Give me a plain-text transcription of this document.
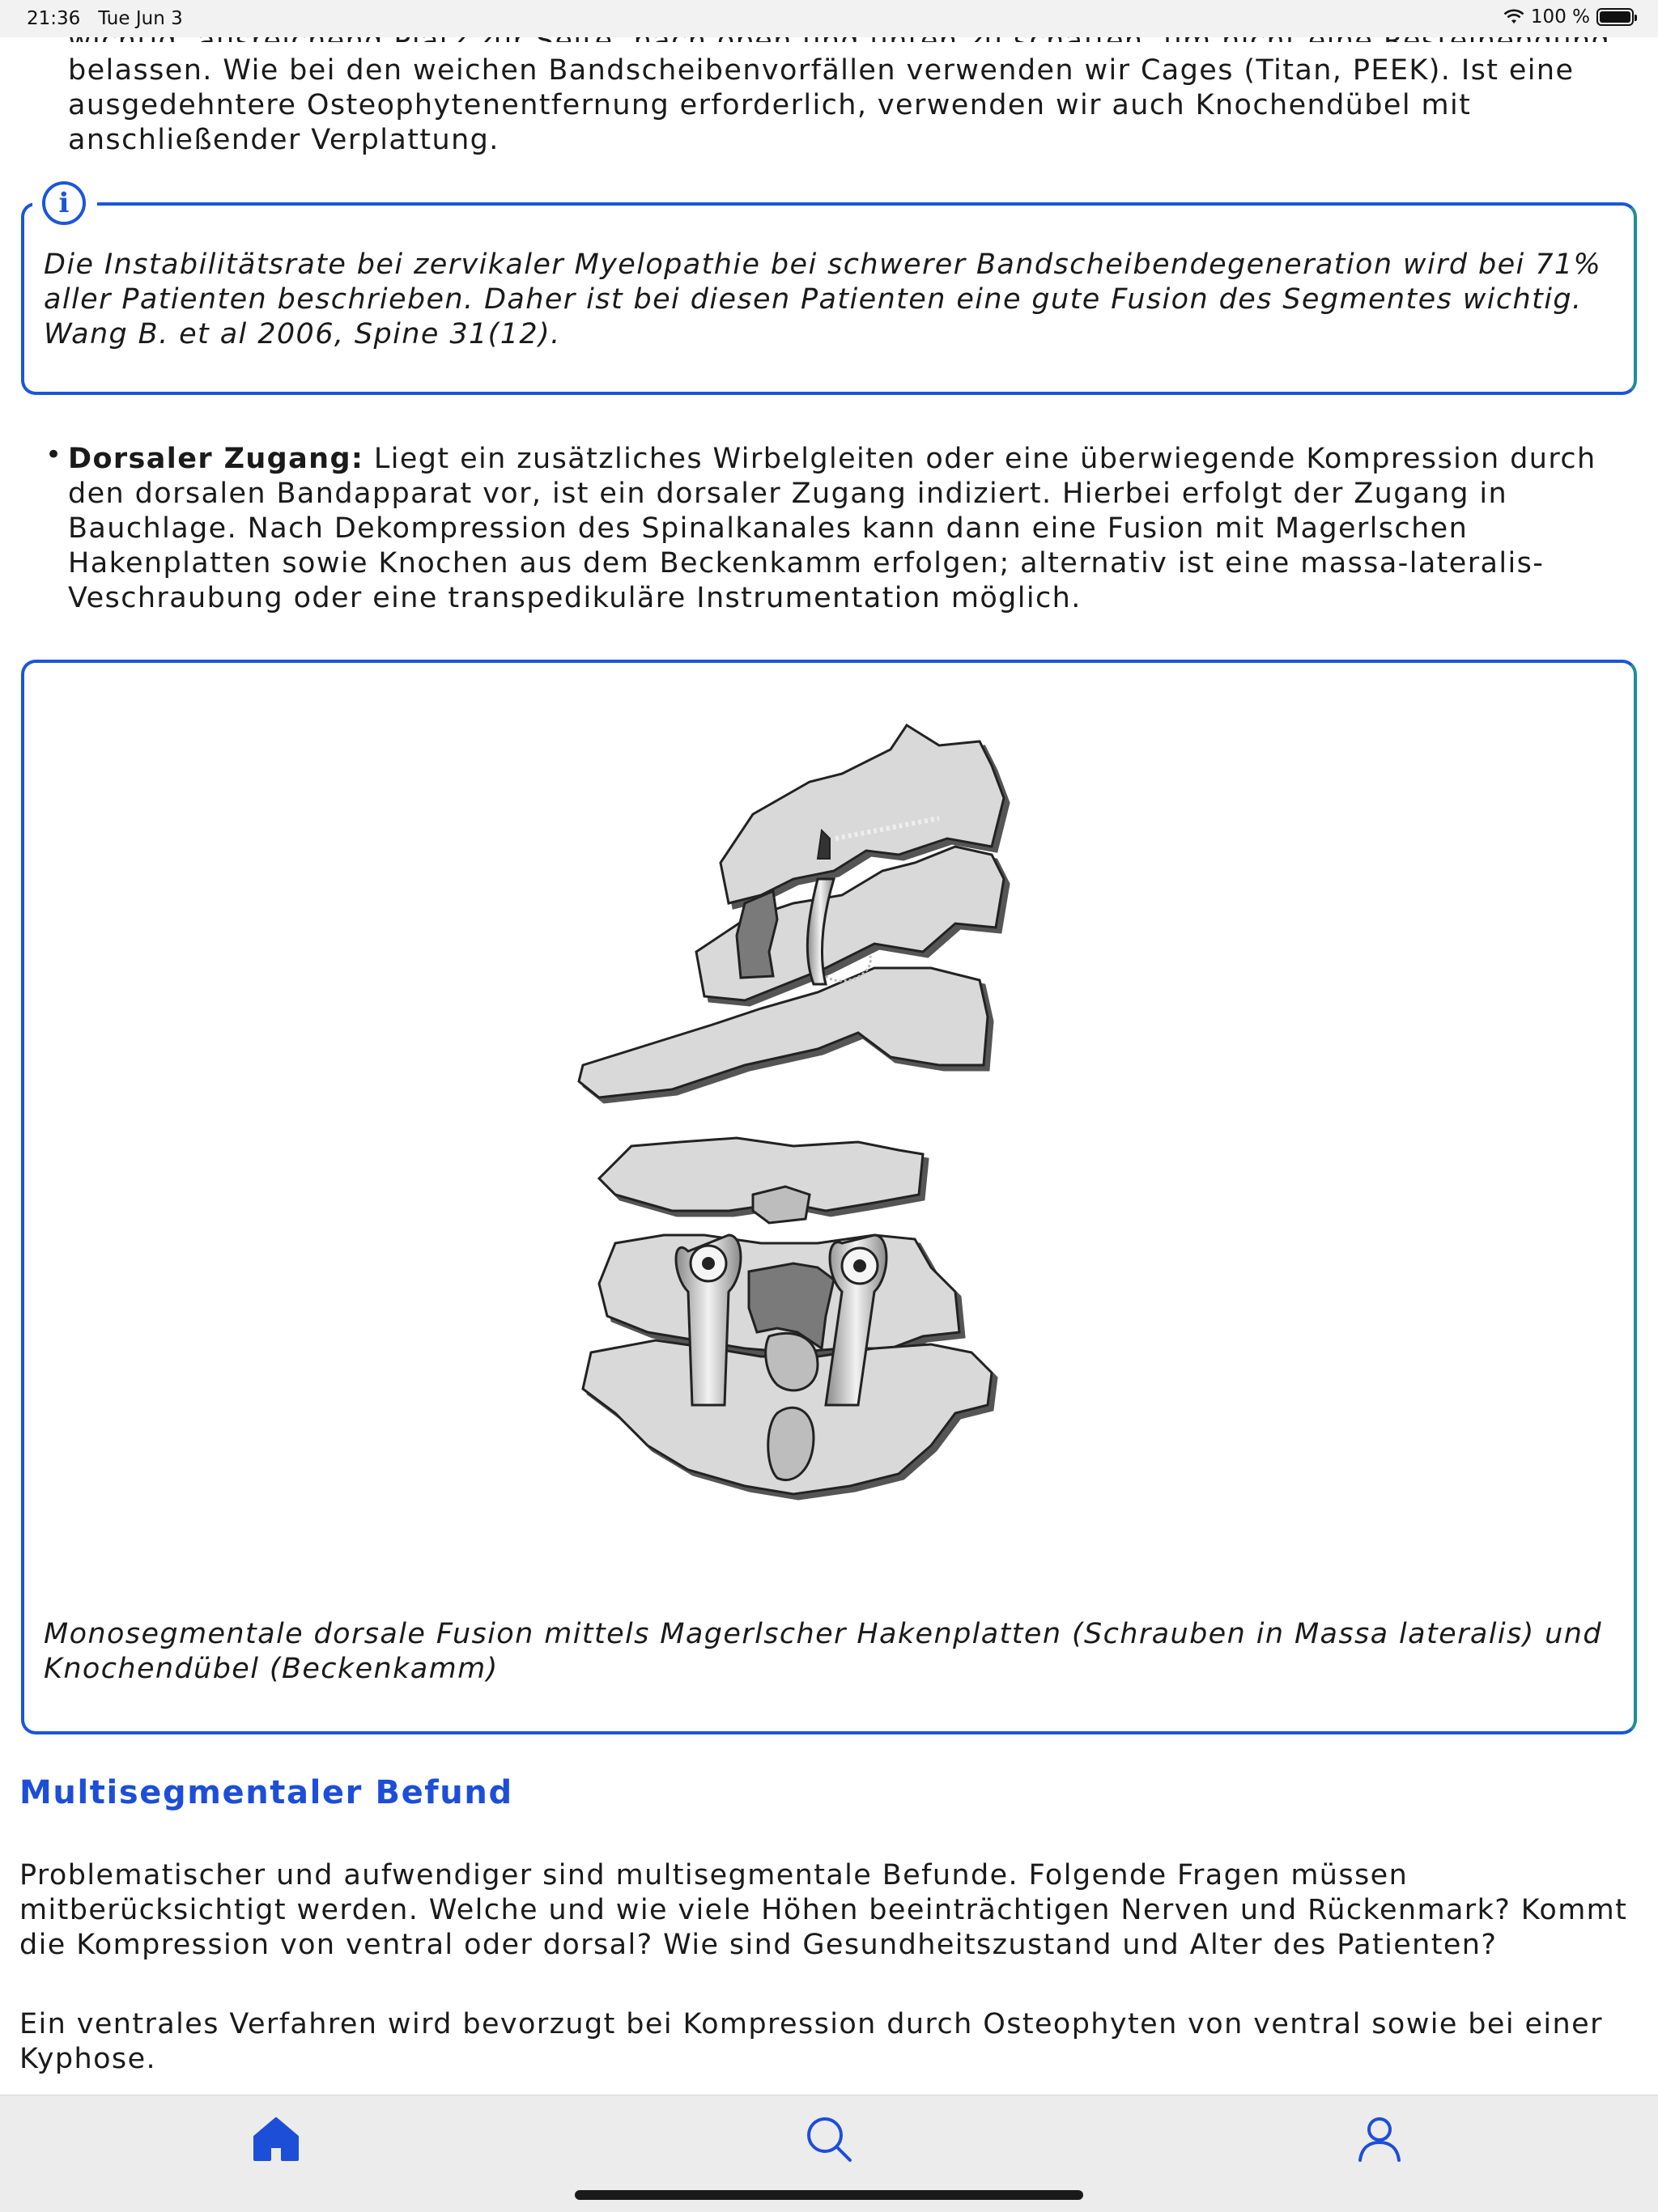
21:36 Tue Jun 3	100 %

belassen. Wie bei den weichen Bandscheibenvorfällen verwenden wir Cages (Titan, PEEK). Ist eine ausgedehntere Osteophytenentfernung erforderlich, verwenden wir auch Knochendübel mit anschließender Verplattung.

i

Die Instabilitätsrate bei zervikaler Myelopathie bei schwerer Bandscheibendegeneration wird bei 71% aller Patienten beschrieben. Daher ist bei diesen Patienten eine gute Fusion des Segmentes wichtig. Wang B. et al 2006, Spine 31(12).

• Dorsaler Zugang: Liegt ein zusätzliches Wirbelgleiten oder eine überwiegende Kompression durch den dorsalen Bandapparat vor, ist ein dorsaler Zugang indiziert. Hierbei erfolgt der Zugang in Bauchlage. Nach Dekompression des Spinalkanales kann dann eine Fusion mit Magerlschen Hakenplatten sowie Knochen aus dem Beckenkamm erfolgen; alternativ ist eine massa-lateralis-Veschraubung oder eine transpedikuläre Instrumentation möglich.

Monosegmentale dorsale Fusion mittels Magerlscher Hakenplatten (Schrauben in Massa lateralis) und Knochendübel (Beckenkamm)

Multisegmentaler Befund

Problematischer und aufwendiger sind multisegmentale Befunde. Folgende Fragen müssen mitberücksichtigt werden. Welche und wie viele Höhen beeinträchtigen Nerven und Rückenmark? Kommt die Kompression von ventral oder dorsal? Wie sind Gesundheitszustand und Alter des Patienten?

Ein ventrales Verfahren wird bevorzugt bei Kompression durch Osteophyten von ventral sowie bei einer Kyphose.
